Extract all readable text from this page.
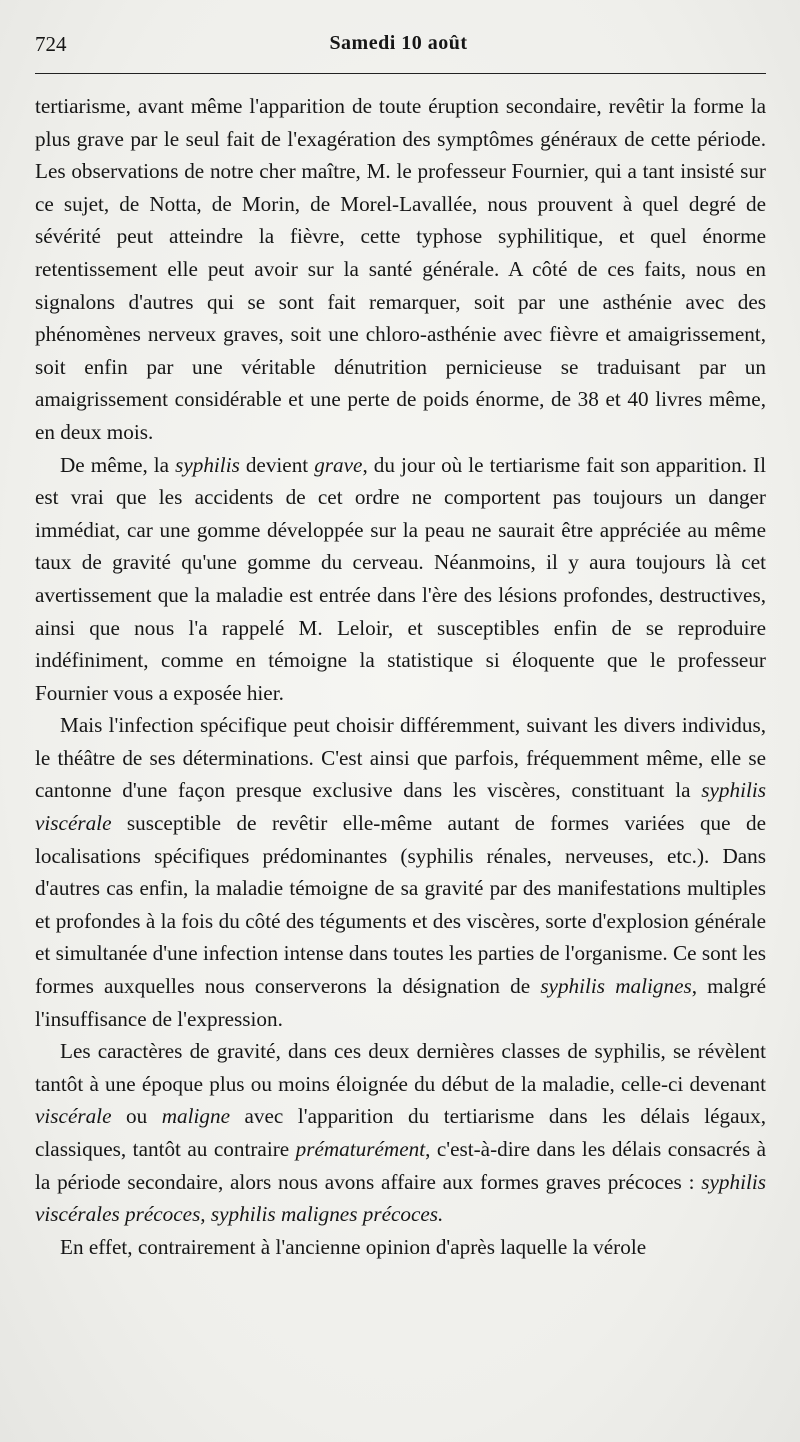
724	Samedi 10 août

tertiarisme, avant même l'apparition de toute éruption secondaire, revêtir la forme la plus grave par le seul fait de l'exagération des symptômes généraux de cette période. Les observations de notre cher maître, M. le professeur Fournier, qui a tant insisté sur ce sujet, de Notta, de Morin, de Morel-Lavallée, nous prouvent à quel degré de sévérité peut atteindre la fièvre, cette typhose syphilitique, et quel énorme retentissement elle peut avoir sur la santé générale. A côté de ces faits, nous en signalons d'autres qui se sont fait remarquer, soit par une asthénie avec des phénomènes nerveux graves, soit une chloro-asthénie avec fièvre et amaigrissement, soit enfin par une véritable dénutrition pernicieuse se traduisant par un amaigrissement considérable et une perte de poids énorme, de 38 et 40 livres même, en deux mois.

De même, la syphilis devient grave, du jour où le tertiarisme fait son apparition. Il est vrai que les accidents de cet ordre ne comportent pas toujours un danger immédiat, car une gomme développée sur la peau ne saurait être appréciée au même taux de gravité qu'une gomme du cerveau. Néanmoins, il y aura toujours là cet avertissement que la maladie est entrée dans l'ère des lésions profondes, destructives, ainsi que nous l'a rappelé M. Leloir, et susceptibles enfin de se reproduire indéfiniment, comme en témoigne la statistique si éloquente que le professeur Fournier vous a exposée hier.

Mais l'infection spécifique peut choisir différemment, suivant les divers individus, le théâtre de ses déterminations. C'est ainsi que parfois, fréquemment même, elle se cantonne d'une façon presque exclusive dans les viscères, constituant la syphilis viscérale susceptible de revêtir elle-même autant de formes variées que de localisations spécifiques prédominantes (syphilis rénales, nerveuses, etc.). Dans d'autres cas enfin, la maladie témoigne de sa gravité par des manifestations multiples et profondes à la fois du côté des téguments et des viscères, sorte d'explosion générale et simultanée d'une infection intense dans toutes les parties de l'organisme. Ce sont les formes auxquelles nous conserverons la désignation de syphilis malignes, malgré l'insuffisance de l'expression.

Les caractères de gravité, dans ces deux dernières classes de syphilis, se révèlent tantôt à une époque plus ou moins éloignée du début de la maladie, celle-ci devenant viscérale ou maligne avec l'apparition du tertiarisme dans les délais légaux, classiques, tantôt au contraire prématurément, c'est-à-dire dans les délais consacrés à la période secondaire, alors nous avons affaire aux formes graves précoces : syphilis viscérales précoces, syphilis malignes précoces.

En effet, contrairement à l'ancienne opinion d'après laquelle la vérole
